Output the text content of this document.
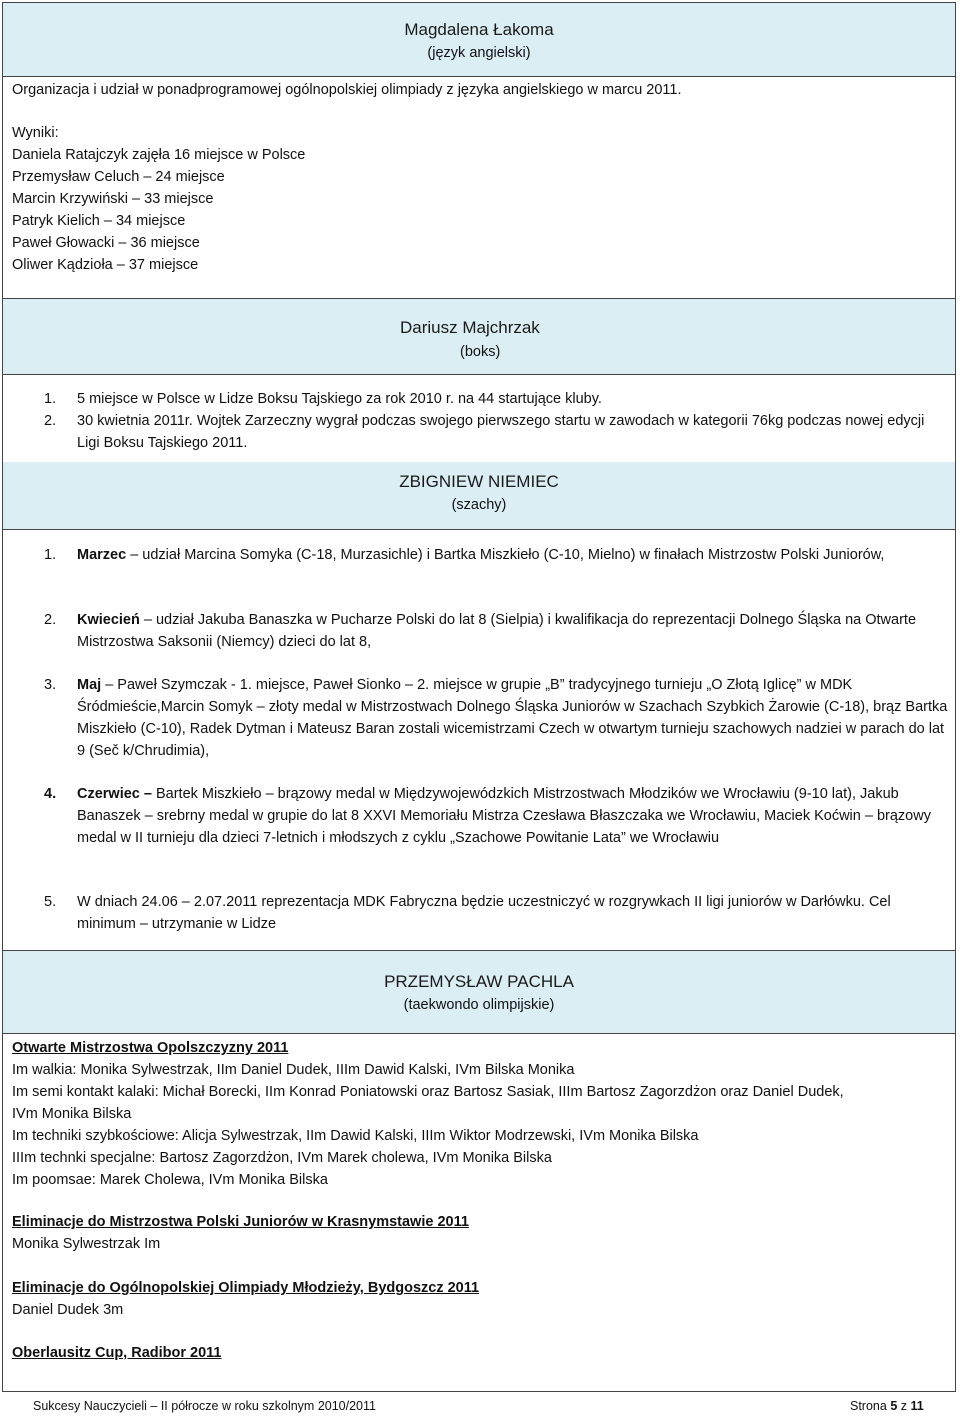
Magdalena Łakoma
(język angielski)
Organizacja i udział w ponadprogramowej ogólnopolskiej olimpiady z języka angielskiego w marcu 2011.
Wyniki:
Daniela Ratajczyk zajęła 16 miejsce w Polsce
Przemysław Celuch – 24 miejsce
Marcin Krzywiński – 33 miejsce
Patryk Kielich – 34 miejsce
Paweł Głowacki – 36 miejsce
Oliwer Kądzioła – 37 miejsce
Dariusz Majchrzak
(boks)
1. 5 miejsce w Polsce w Lidze Boksu Tajskiego za rok 2010 r. na 44 startujące kluby.
2. 30 kwietnia 2011r. Wojtek Zarzeczny wygrał podczas swojego pierwszego startu w zawodach w kategorii 76kg podczas nowej edycji Ligi Boksu Tajskiego 2011.
ZBIGNIEW NIEMIEC
(szachy)
1. Marzec – udział Marcina Somyka (C-18, Murzasichle) i Bartka Miszkieło (C-10, Mielno) w finałach Mistrzostw Polski Juniorów,
2. Kwiecień – udział Jakuba Banaszka w Pucharze Polski do lat 8 (Sielpia) i kwalifikacja do reprezentacji Dolnego Śląska na Otwarte Mistrzostwa Saksonii (Niemcy) dzieci do lat 8,
3. Maj – Paweł Szymczak - 1. miejsce, Paweł Sionko – 2. miejsce w grupie „B” tradycyjnego turnieju „O Złotą Iglicę” w MDK Śródmieście,Marcin Somyk – złoty medal w Mistrzostwach Dolnego Śląska Juniorów w Szachach Szybkich Żarowie (C-18), brąz Bartka Miszkieło (C-10), Radek Dytman i Mateusz Baran zostali wicemistrzami Czech w otwartym turnieju szachowych nadziei w parach do lat 9 (Seč k/Chrudimia),
4. Czerwiec – Bartek Miszkieło – brązowy medal w Międzywojewódzkich Mistrzostwach Młodzików we Wrocławiu (9-10 lat), Jakub Banaszek – srebrny medal w grupie do lat 8 XXVI Memoriału Mistrza Czesława Błaszczaka we Wrocławiu, Maciek Koćwin – brązowy medal w II turnieju dla dzieci 7-letnich i młodszych z cyklu „Szachowe Powitanie Lata” we Wrocławiu
5. W dniach 24.06 – 2.07.2011 reprezentacja MDK Fabryczna będzie uczestniczyć w rozgrywkach II ligi juniorów w Darłówku. Cel minimum – utrzymanie w Lidze
PRZEMYSŁAW PACHLA
(taekwondo olimpijskie)
Otwarte Mistrzostwa Opolszczyzny 2011
Im walkia: Monika Sylwestrzak, IIm Daniel Dudek, IIIm Dawid Kalski, IVm Bilska Monika
Im semi kontakt kalaki: Michał Borecki, IIm Konrad Poniatowski oraz Bartosz Sasiak, IIIm Bartosz Zagorzdżon oraz Daniel Dudek,
IVm Monika Bilska
Im techniki szybkościowe: Alicja Sylwestrzak, IIm Dawid Kalski, IIIm Wiktor Modrzewski, IVm Monika Bilska
IIIm technki specjalne: Bartosz Zagorzdżon, IVm Marek cholewa, IVm Monika Bilska
Im poomsae: Marek Cholewa, IVm Monika Bilska
Eliminacje do Mistrzostwa Polski Juniorów w Krasnymstawie 2011
Monika Sylwestrzak Im
Eliminacje do Ogólnopolskiej Olimpiady Młodzieży, Bydgoszcz 2011
Daniel Dudek 3m
Oberlausitz Cup, Radibor 2011
Sukcesy Nauczycieli – II półrocze w roku szkolnym 2010/2011	Strona 5 z 11
